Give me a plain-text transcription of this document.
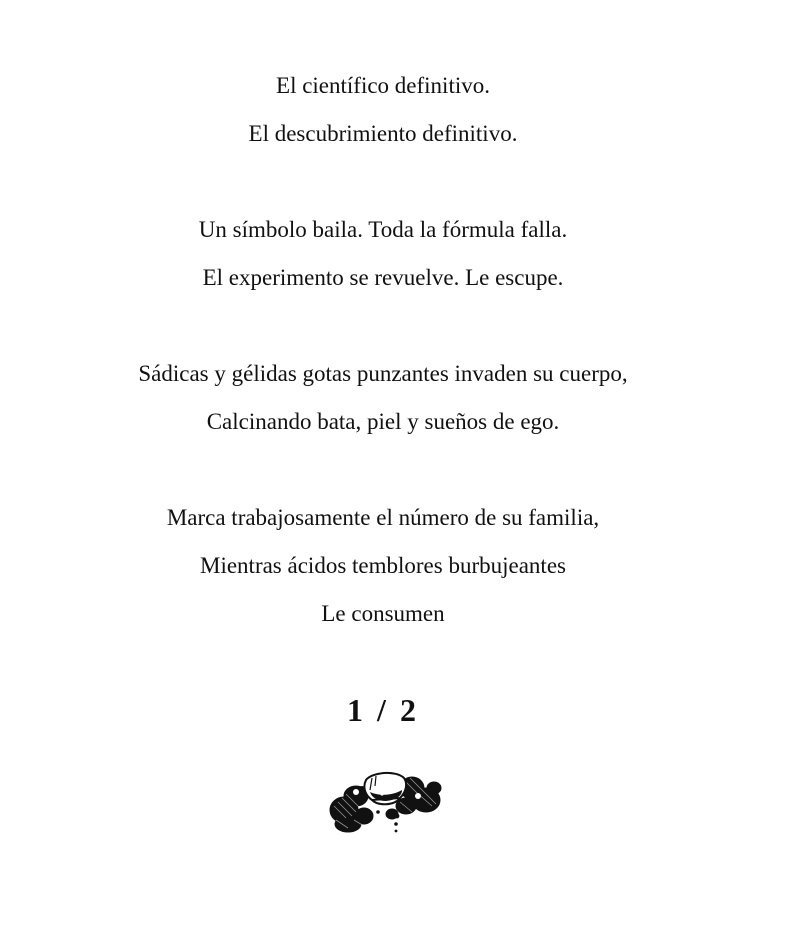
El científico definitivo.
El descubrimiento definitivo.
Un símbolo baila. Toda la fórmula falla.
El experimento se revuelve. Le escupe.
Sádicas y gélidas gotas punzantes invaden su cuerpo,
Calcinando bata, piel y sueños de ego.
Marca trabajosamente el número de su familia,
Mientras ácidos temblores burbujeantes
Le consumen
1 / 2
